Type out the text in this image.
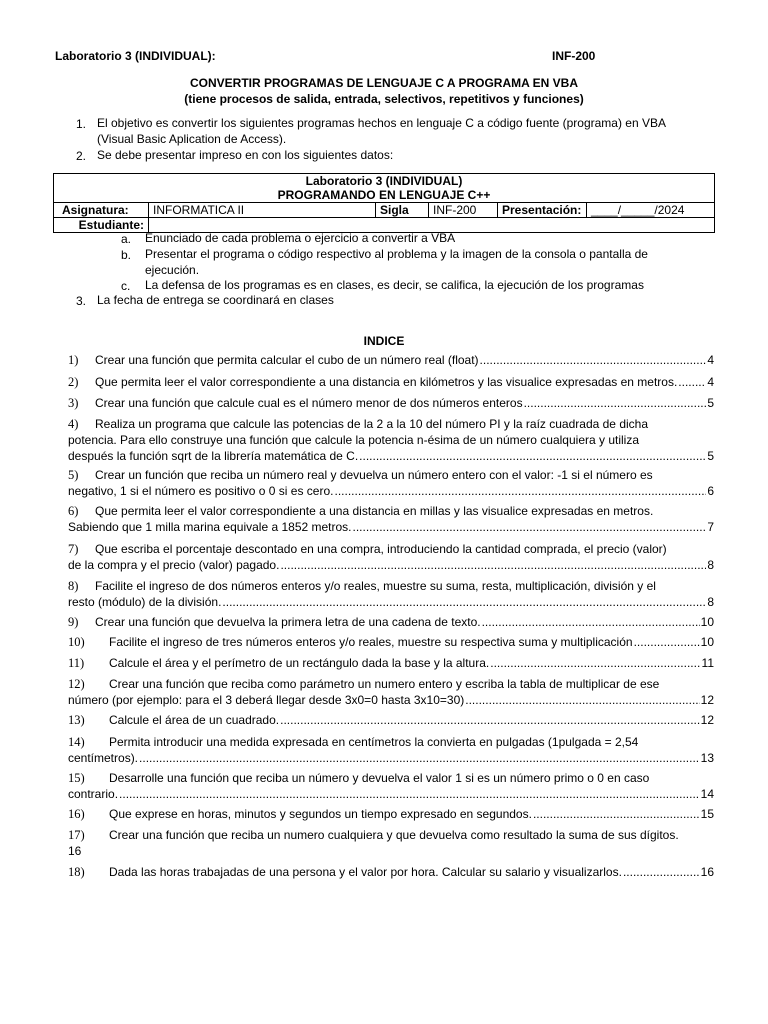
Laboratorio 3 (INDIVIDUAL):	INF-200
CONVERTIR PROGRAMAS DE LENGUAJE C A PROGRAMA EN VBA
(tiene procesos de salida, entrada, selectivos, repetitivos y funciones)
1. El objetivo es convertir los siguientes programas hechos en lenguaje C a código fuente (programa) en VBA
(Visual Basic Aplication de Access).
2. Se debe presentar impreso en con los siguientes datos:
Laboratorio 3 (INDIVIDUAL)					
PROGRAMANDO EN LENGUAJE C++					
Asignatura:	INFORMATICA II	Sigla	INF-200	Presentación:	____/_____/2024
Estudiante:					
a. Enunciado de cada problema o ejercicio a convertir a VBA
b. Presentar el programa o código respectivo al problema y la imagen de la consola o pantalla de
ejecución.
c. La defensa de los programas es en clases, es decir, se califica, la ejecución de los programas
3. La fecha de entrega se coordinará en clases
INDICE
1) Crear una función que permita calcular el cubo de un número real (float) .....	4
2) Que permita leer el valor correspondiente a una distancia en kilómetros y las visualice expresadas en metros. .....	4
3) Crear una función que calcule cual es el número menor de dos números enteros .....	5
4) Realiza un programa que calcule las potencias de la 2 a la 10 del número PI y la raíz cuadrada de dicha
potencia. Para ello construye una función que calcule la potencia n-ésima de un número cualquiera y utiliza
después la función sqrt de la librería matemática de C. .....	5
5) Crear un función que reciba un número real y devuelva un número entero con el valor: -1 si el número es
negativo, 1 si el número es positivo o 0 si es cero. .....	6
6) Que permita leer el valor correspondiente a una distancia en millas y las visualice expresadas en metros.
Sabiendo que 1 milla marina equivale a 1852 metros. .....	7
7) Que escriba el porcentaje descontado en una compra, introduciendo la cantidad comprada, el precio (valor)
de la compra y el precio (valor) pagado. .....	8
8) Facilite el ingreso de dos números enteros y/o reales, muestre su suma, resta, multiplicación, división y el
resto (módulo) de la división. .....	8
9) Crear una función que devuelva la primera letra de una cadena de texto. .....	10
10) Facilite el ingreso de tres números enteros y/o reales, muestre su respectiva suma y multiplicación .....	10
11) Calcule el área y el perímetro de un rectángulo dada la base y la altura. .....	11
12) Crear una función que reciba como parámetro un numero entero y escriba la tabla de multiplicar de ese
número (por ejemplo: para el 3 deberá llegar desde 3x0=0 hasta 3x10=30) .....	12
13) Calcule el área de un cuadrado. .....	12
14) Permita introducir una medida expresada en centímetros la convierta en pulgadas (1pulgada = 2,54
centímetros). .....	13
15) Desarrolle una función que reciba un número y devuelva el valor 1 si es un número primo o 0 en caso
contrario. .....	14
16) Que exprese en horas, minutos y segundos un tiempo expresado en segundos. .....	15
17) Crear una función que reciba un numero cualquiera y que devuelva como resultado la suma de sus dígitos.
16
18) Dada las horas trabajadas de una persona y el valor por hora. Calcular su salario y visualizarlos. .....	16
